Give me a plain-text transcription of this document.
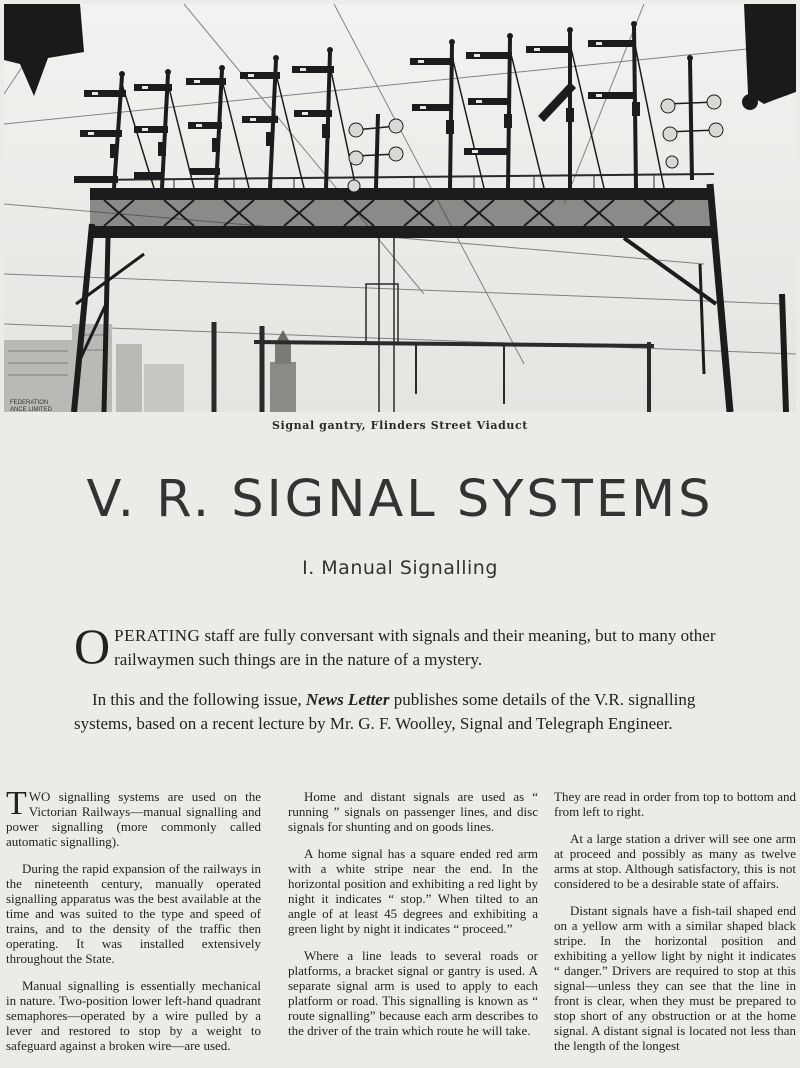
FEDERATION
ANCE LIMITED
Signal gantry, Flinders Street Viaduct
V. R. SIGNAL SYSTEMS
I. Manual Signalling

OPERATING staff are fully conversant with signals and their meaning, but to many other railwaymen such things are in the nature of a mystery.

In this and the following issue, News Letter publishes some details of the V.R. signalling systems, based on a recent lecture by Mr. G. F. Woolley, Signal and Telegraph Engineer.

TWO signalling systems are used on the Victorian Railways—manual signalling and power signalling (more commonly called automatic signalling).

During the rapid expansion of the railways in the nineteenth century, manually operated signalling apparatus was the best available at the time and was suited to the type and speed of trains, and to the density of the traffic then operating. It was installed extensively throughout the State.

Manual signalling is essentially mechanical in nature. Two-position lower left-hand quadrant semaphores—operated by a wire pulled by a lever and restored to stop by a weight to safeguard against a broken wire—are used.

Home and distant signals are used as “ running ” signals on passenger lines, and disc signals for shunting and on goods lines.

A home signal has a square ended red arm with a white stripe near the end. In the horizontal position and exhibiting a red light by night it indicates “ stop.” When tilted to an angle of at least 45 degrees and exhibiting a green light by night it indicates “ proceed.”

Where a line leads to several roads or platforms, a bracket signal or gantry is used. A separate signal arm is used to apply to each platform or road. This signalling is known as “ route signalling” because each arm describes to the driver of the train which route he will take.

They are read in order from top to bottom and from left to right.

At a large station a driver will see one arm at proceed and possibly as many as twelve arms at stop. Although satisfactory, this is not considered to be a desirable state of affairs.

Distant signals have a fish-tail shaped end on a yellow arm with a similar shaped black stripe. In the horizontal position and exhibiting a yellow light by night it indicates “ danger.” Drivers are required to stop at this signal—unless they can see that the line in front is clear, when they must be prepared to stop short of any obstruction or at the home signal. A distant signal is located not less than the length of the longest
